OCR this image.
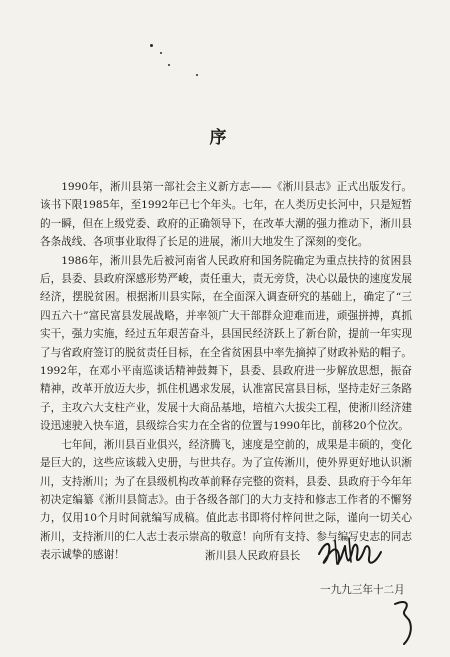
序

1990年，淅川县第一部社会主义新方志——《淅川县志》正式出版发行。该书下限1985年，至1992年已七个年头。七年，在人类历史长河中，只是短暂的一瞬，但在上级党委、政府的正确领导下，在改革大潮的强力推动下，淅川县各条战线、各项事业取得了长足的进展，淅川大地发生了深刻的变化。

1986年，淅川县先后被河南省人民政府和国务院确定为重点扶持的贫困县后，县委、县政府深感形势严峻，责任重大，责无旁贷，决心以最快的速度发展经济，摆脱贫困。根据淅川县实际，在全面深入调查研究的基础上，确定了“三四五六十”富民富县发展战略，并率领广大干部群众迎难而进，顽强拼搏，真抓实干，强力实施，经过五年艰苦奋斗，县国民经济跃上了新台阶，提前一年实现了与省政府签订的脱贫责任目标，在全省贫困县中率先摘掉了财政补贴的帽子。1992年，在邓小平南巡谈话精神鼓舞下，县委、县政府进一步解放思想，振奋精神，改革开放迈大步，抓住机遇求发展，认准富民富县目标，坚持走好三条路子，主攻六大支柱产业，发展十大商品基地，培植六大拔尖工程，使淅川经济建设迅速驶入快车道，县级综合实力在全省的位置与1990年比，前移20个位次。

七年间，淅川县百业俱兴，经济腾飞，速度是空前的，成果是丰硕的，变化是巨大的，这些应该载入史册，与世共存。为了宣传淅川，使外界更好地认识淅川，支持淅川；为了在县级机构改革前释存完整的资料，县委、县政府于今年年初决定编纂《淅川县简志》。由于各级各部门的大力支持和修志工作者的不懈努力，仅用10个月时间就编写成稿。值此志书即将付梓问世之际，谨向一切关心淅川，支持淅川的仁人志士表示崇高的敬意！向所有支持、参与编写史志的同志表示诚挚的感谢！	淅川县人民政府县长
一九九三年十二月
